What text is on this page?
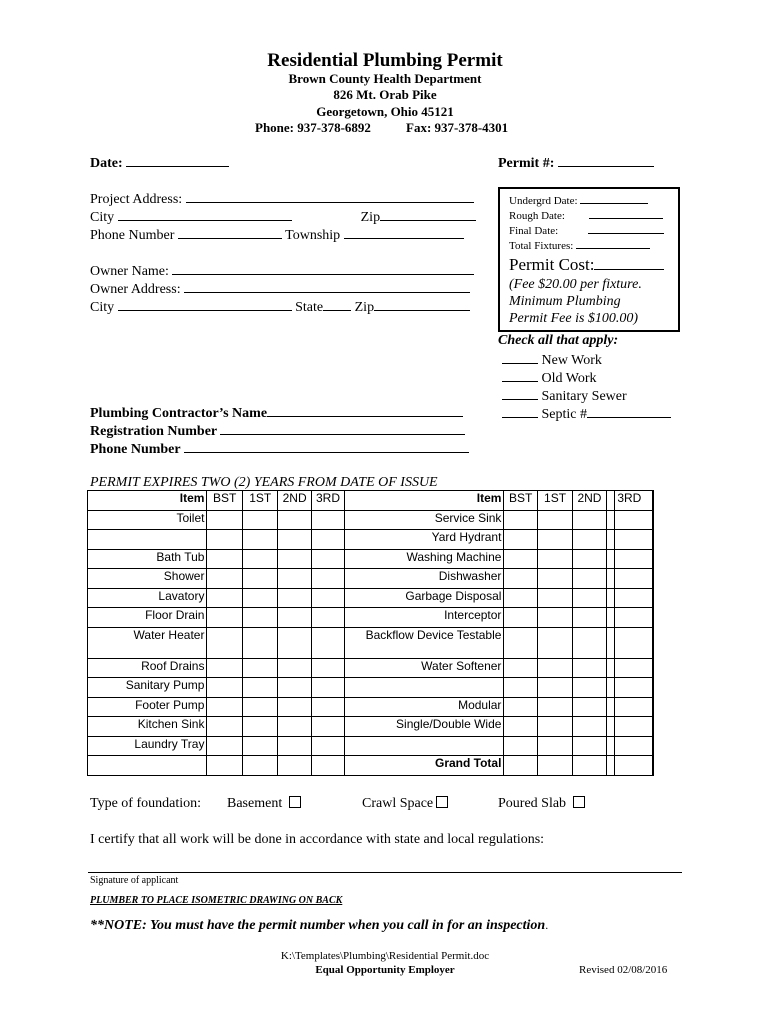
Residential Plumbing Permit
Brown County Health Department
826 Mt. Orab Pike
Georgetown, Ohio 45121
Phone: 937-378-6892	Fax: 937-378-4301
Date:	Permit #:
Project Address:
City	Zip
Phone Number	Township
Owner Name:
Owner Address:
City	State Zip
Undergrd Date:
Rough Date:
Final Date:
Total Fixtures:
Permit Cost:
(Fee $20.00 per fixture.
Minimum Plumbing
Permit Fee is $100.00)
Check all that apply:
New Work
Old Work
Sanitary Sewer
Septic #
Plumbing Contractor’s Name
Registration Number
Phone Number
PERMIT EXPIRES TWO (2) YEARS FROM DATE OF ISSUE
Item	BST	1ST	2ND	3RD	Item	BST	1ST	2ND	3RD
Toilet					Service Sink				
					Yard Hydrant				
Bath Tub					Washing Machine				
Shower					Dishwasher				
Lavatory					Garbage Disposal				
Floor Drain					Interceptor				
Water Heater					Backflow Device Testable				
Roof Drains					Water Softener				
Sanitary Pump									
Footer Pump					Modular				
Kitchen Sink					Single/Double Wide				
Laundry Tray									
					Grand Total				
Type of foundation: Basement	Crawl Space	Poured Slab
I certify that all work will be done in accordance with state and local regulations:
Signature of applicant
PLUMBER TO PLACE ISOMETRIC DRAWING ON BACK
**NOTE: You must have the permit number when you call in for an inspection.
K:\Templates\Plumbing\Residential Permit.doc
Equal Opportunity Employer	Revised 02/08/2016
